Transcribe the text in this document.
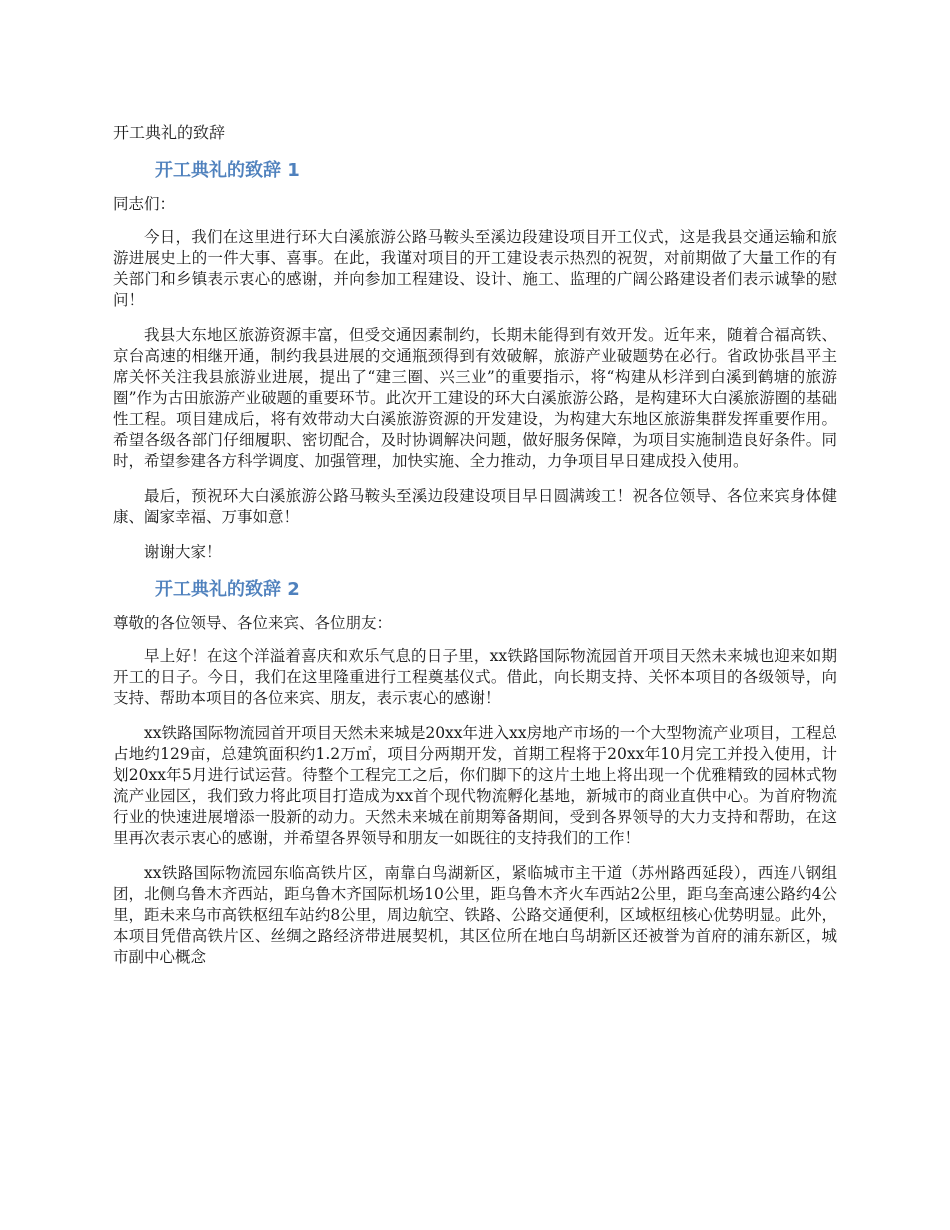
开工典礼的致辞
开工典礼的致辞 1
同志们：

今日，我们在这里进行环大白溪旅游公路马鞍头至溪边段建设项目开工仪式，这是我县交通运输和旅游进展史上的一件大事、喜事。在此，我谨对项目的开工建设表示热烈的祝贺，对前期做了大量工作的有关部门和乡镇表示衷心的感谢，并向参加工程建设、设计、施工、监理的广阔公路建设者们表示诚挚的慰问！

我县大东地区旅游资源丰富，但受交通因素制约，长期未能得到有效开发。近年来，随着合福高铁、京台高速的相继开通，制约我县进展的交通瓶颈得到有效破解，旅游产业破题势在必行。省政协张昌平主席关怀关注我县旅游业进展，提出了“建三圈、兴三业”的重要指示，将“构建从杉洋到白溪到鹤塘的旅游圈”作为古田旅游产业破题的重要环节。此次开工建设的环大白溪旅游公路，是构建环大白溪旅游圈的基础性工程。项目建成后，将有效带动大白溪旅游资源的开发建设，为构建大东地区旅游集群发挥重要作用。希望各级各部门仔细履职、密切配合，及时协调解决问题，做好服务保障，为项目实施制造良好条件。同时，希望参建各方科学调度、加强管理，加快实施、全力推动，力争项目早日建成投入使用。

最后，预祝环大白溪旅游公路马鞍头至溪边段建设项目早日圆满竣工！祝各位领导、各位来宾身体健康、阖家幸福、万事如意！

谢谢大家！

开工典礼的致辞 2
尊敬的各位领导、各位来宾、各位朋友：

早上好！在这个洋溢着喜庆和欢乐气息的日子里，xx铁路国际物流园首开项目天然未来城也迎来如期开工的日子。今日，我们在这里隆重进行工程奠基仪式。借此，向长期支持、关怀本项目的各级领导，向支持、帮助本项目的各位来宾、朋友，表示衷心的感谢！

xx铁路国际物流园首开项目天然未来城是20xx年进入xx房地产市场的一个大型物流产业项目，工程总占地约129亩，总建筑面积约1.2万㎡，项目分两期开发，首期工程将于20xx年10月完工并投入使用，计划20xx年5月进行试运营。待整个工程完工之后，你们脚下的这片土地上将出现一个优雅精致的园林式物流产业园区，我们致力将此项目打造成为xx首个现代物流孵化基地，新城市的商业直供中心。为首府物流行业的快速进展增添一股新的动力。天然未来城在前期筹备期间，受到各界领导的大力支持和帮助，在这里再次表示衷心的感谢，并希望各界领导和朋友一如既往的支持我们的工作！

xx铁路国际物流园东临高铁片区，南靠白鸟湖新区，紧临城市主干道（苏州路西延段），西连八钢组团，北侧乌鲁木齐西站，距乌鲁木齐国际机场10公里，距乌鲁木齐火车西站2公里，距乌奎高速公路约4公里，距未来乌市高铁枢纽车站约8公里，周边航空、铁路、公路交通便利，区域枢纽核心优势明显。此外，本项目凭借高铁片区、丝绸之路经济带进展契机，其区位所在地白鸟胡新区还被誉为首府的浦东新区，城市副中心概念
